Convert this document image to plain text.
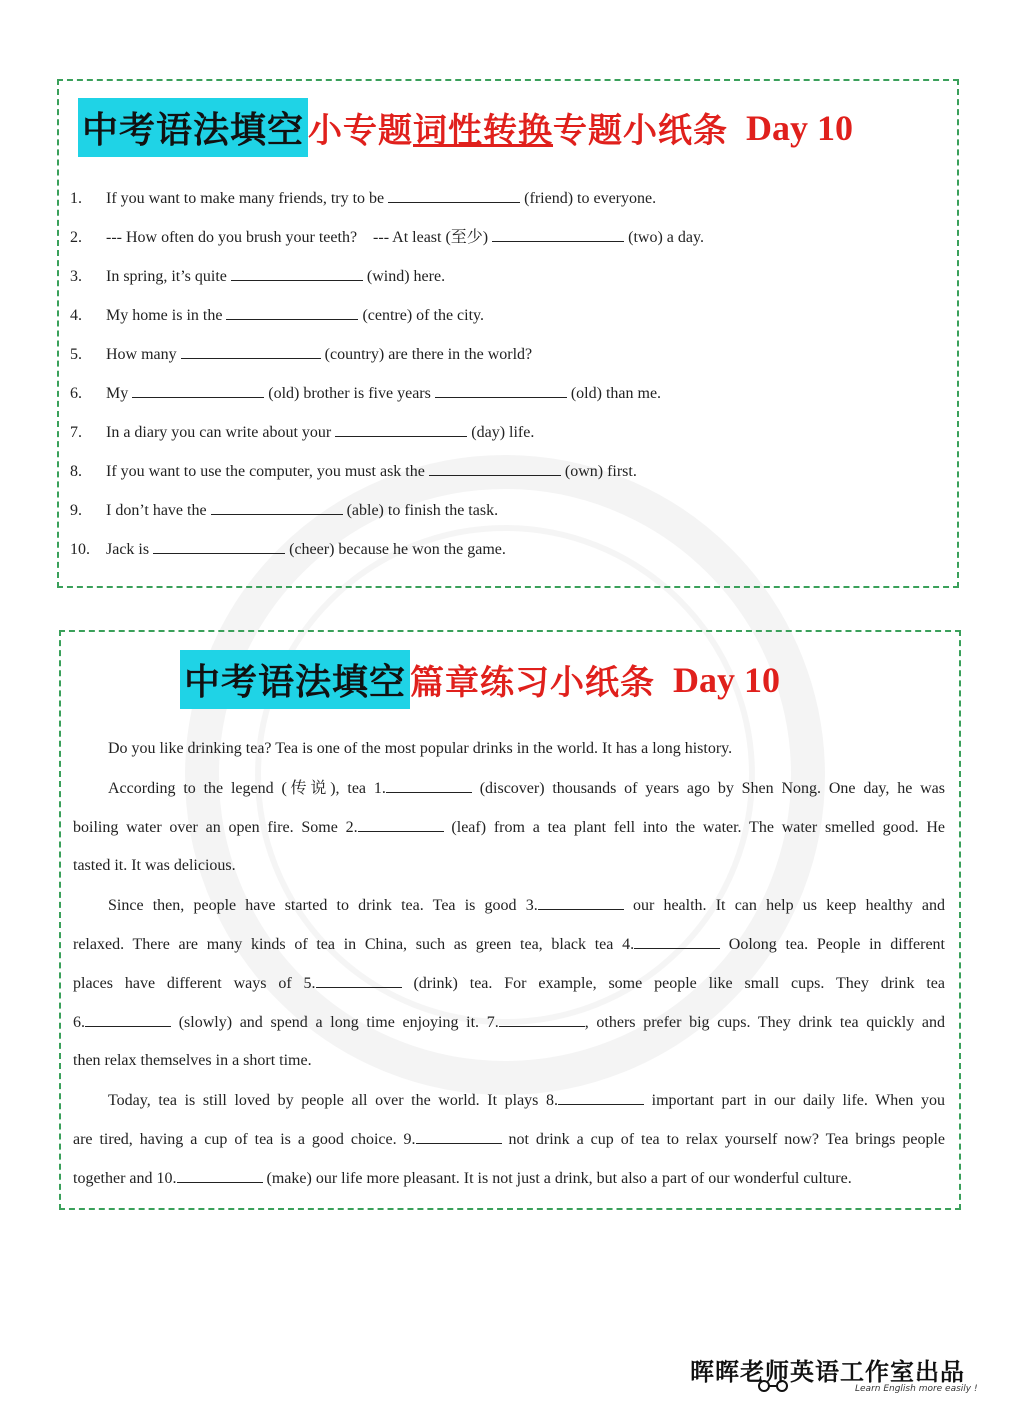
中考语法填空 小专题词性转换专题小纸条 Day 10
1. If you want to make many friends, try to be	(friend) to everyone.
2. --- How often do you brush your teeth?    --- At least (至少)	(two) a day.
3. In spring, it’s quite	(wind) here.
4. My home is in the	(centre) of the city.
5. How many	(country) are there in the world?
6. My	(old) brother is five years	(old) than me.
7. In a diary you can write about your	(day) life.
8. If you want to use the computer, you must ask the	(own) first.
9. I don’t have the	(able) to finish the task.
10. Jack is	(cheer) because he won the game.
中考语法填空 篇章练习小纸条 Day 10
Do you like drinking tea? Tea is one of the most popular drinks in the world. It has a long history.
According to the legend (传说), tea 1.	(discover) thousands of years ago by Shen Nong. One day, he was
boiling water over an open fire. Some 2.	(leaf) from a tea plant fell into the water. The water smelled good. He
tasted it. It was delicious.
Since then, people have started to drink tea. Tea is good 3.	our health. It can help us keep healthy and
relaxed. There are many kinds of tea in China, such as green tea, black tea 4.	Oolong tea. People in different
places have different ways of 5.	(drink) tea. For example, some people like small cups. They drink tea
6.	(slowly) and spend a long time enjoying it. 7.	, others prefer big cups. They drink tea quickly and
then relax themselves in a short time.
Today, tea is still loved by people all over the world. It plays 8.	important part in our daily life. When you
are tired, having a cup of tea is a good choice. 9.	not drink a cup of tea to relax yourself now? Tea brings people
together and 10.	(make) our life more pleasant. It is not just a drink, but also a part of our wonderful culture.
晖晖老师英语工作室出品
Learn English more easily !
